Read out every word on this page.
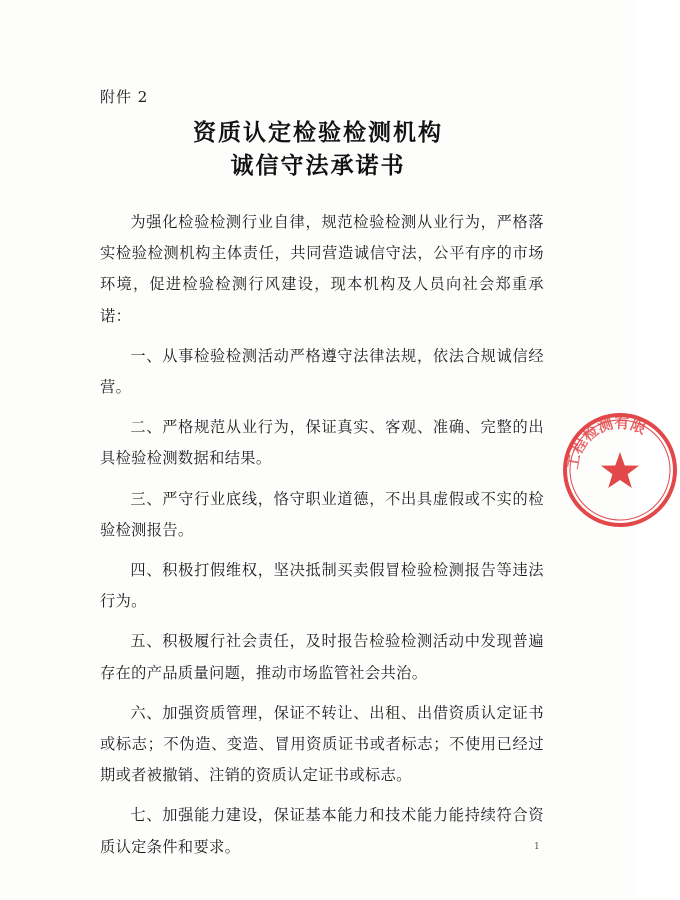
附件 2
资质认定检验检测机构
诚信守法承诺书

为强化检验检测行业自律，规范检验检测从业行为，严格落实检验检测机构主体责任，共同营造诚信守法，公平有序的市场环境，促进检验检测行风建设，现本机构及人员向社会郑重承诺：

一、从事检验检测活动严格遵守法律法规，依法合规诚信经营。

二、严格规范从业行为，保证真实、客观、准确、完整的出具检验检测数据和结果。

三、严守行业底线，恪守职业道德，不出具虚假或不实的检验检测报告。

四、积极打假维权，坚决抵制买卖假冒检验检测报告等违法行为。

五、积极履行社会责任，及时报告检验检测活动中发现普遍存在的产品质量问题，推动市场监管社会共治。

六、加强资质管理，保证不转让、出租、出借资质认定证书或标志；不伪造、变造、冒用资质证书或者标志；不使用已经过期或者被撤销、注销的资质认定证书或标志。

七、加强能力建设，保证基本能力和技术能力能持续符合资质认定条件和要求。	1
工程检测有限
